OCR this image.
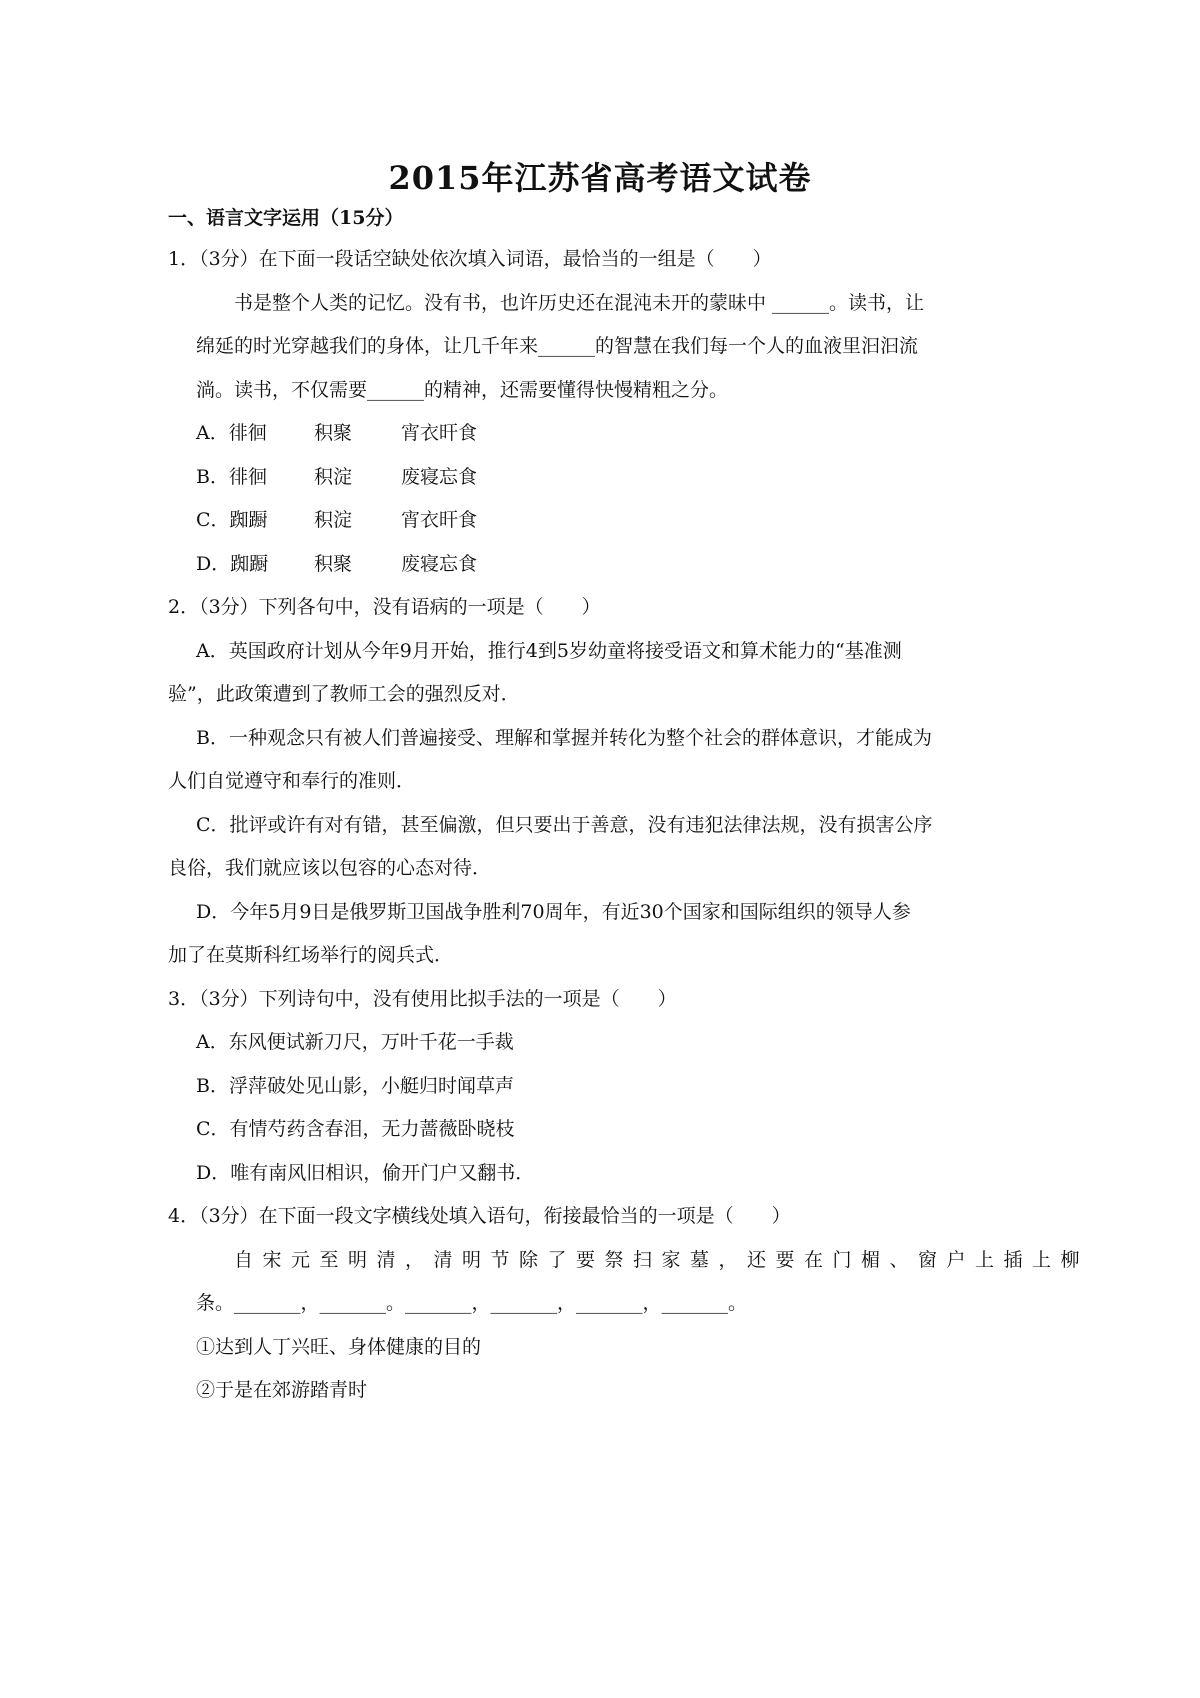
2015年江苏省高考语文试卷
一、语言文字运用（15分）
1．（3分）在下面一段话空缺处依次填入词语，最恰当的一组是（　　）
书是整个人类的记忆。没有书，也许历史还在混沌未开的蒙昧中 ______。读书，让
绵延的时光穿越我们的身体，让几千年来______的智慧在我们每一个人的血液里汩汩流
淌。读书，不仅需要______的精神，还需要懂得快慢精粗之分。
A．徘徊 积聚	宵衣旰食
B．徘徊 积淀	废寝忘食
C．踟蹰 积淀	宵衣旰食
D．踟蹰 积聚	废寝忘食
2．（3分）下列各句中，没有语病的一项是（　　）
A．英国政府计划从今年9月开始，推行4到5岁幼童将接受语文和算术能力的“基准测
验”，此政策遭到了教师工会的强烈反对．
B．一种观念只有被人们普遍接受、理解和掌握并转化为整个社会的群体意识，才能成为
人们自觉遵守和奉行的准则．
C．批评或许有对有错，甚至偏激，但只要出于善意，没有违犯法律法规，没有损害公序
良俗，我们就应该以包容的心态对待．
D．今年5月9日是俄罗斯卫国战争胜利70周年，有近30个国家和国际组织的领导人参
加了在莫斯科红场举行的阅兵式．
3．（3分）下列诗句中，没有使用比拟手法的一项是（　　）
A．东风便试新刀尺，万叶千花一手裁
B．浮萍破处见山影，小艇归时闻草声
C．有情芍药含春泪，无力蔷薇卧晓枝
D．唯有南风旧相识，偷开门户又翻书．
4．（3分）在下面一段文字横线处填入语句，衔接最恰当的一项是（　　）
自宋元至明清，清明节除了要祭扫家墓，还要在门楣、窗户上插上柳
条。_______，_______。_______，_______，_______，_______。
①达到人丁兴旺、身体健康的目的
②于是在郊游踏青时
